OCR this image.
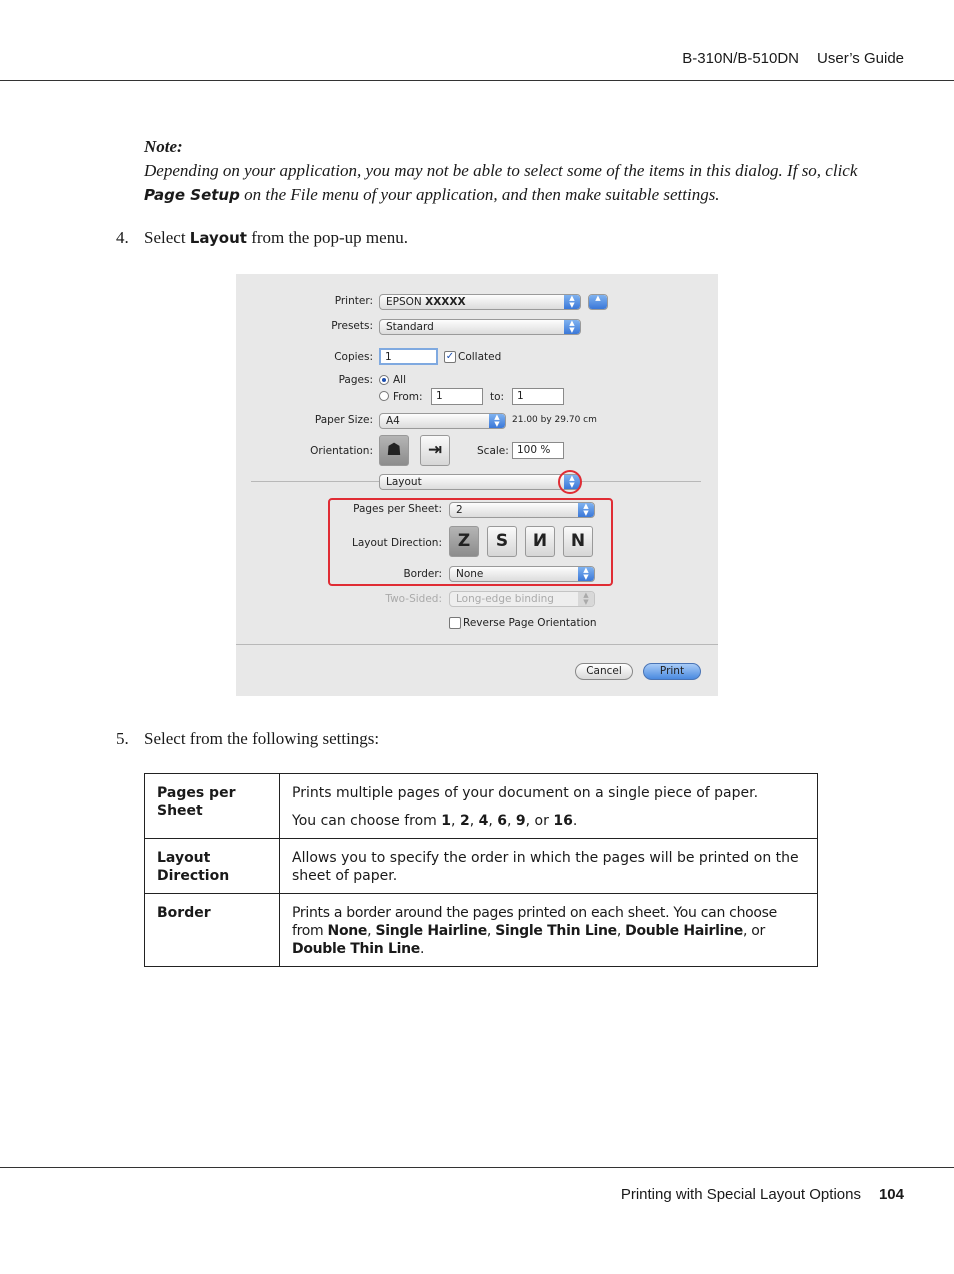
B-310N/B-510DN User’s Guide
Note:
Depending on your application, you may not be able to select some of the items in this dialog. If so, click Page Setup on the File menu of your application, and then make suitable settings.
4. Select Layout from the pop-up menu.
Printer:	EPSON XXXXX	▲
▼
▲
Presets:	Standard	▲
▼
Copies:	1	✓ Collated
Pages: All
From:	1	to:	1
Paper Size:	A4	▲
▼	21.00 by 29.70 cm
Orientation: ☗	⇥	Scale: 100 %
Layout	▲
▼
Pages per Sheet:	2	▲
▼
Layout Direction: Z	S	И	N
Border:	None	▲
▼
Two-Sided:	Long-edge binding	▲
▼
Reverse Page Orientation
Cancel	Print
5. Select from the following settings:
Pages per Sheet	Prints multiple pages of your document on a single piece of paper.

You can choose from 1, 2, 4, 6, 9, or 16.

Layout Direction	Allows you to specify the order in which the pages will be printed on the sheet of paper.
Border	Prints a border around the pages printed on each sheet. You can choose from None, Single Hairline, Single Thin Line, Double Hairline, or Double Thin Line.
Printing with Special Layout Options 104
